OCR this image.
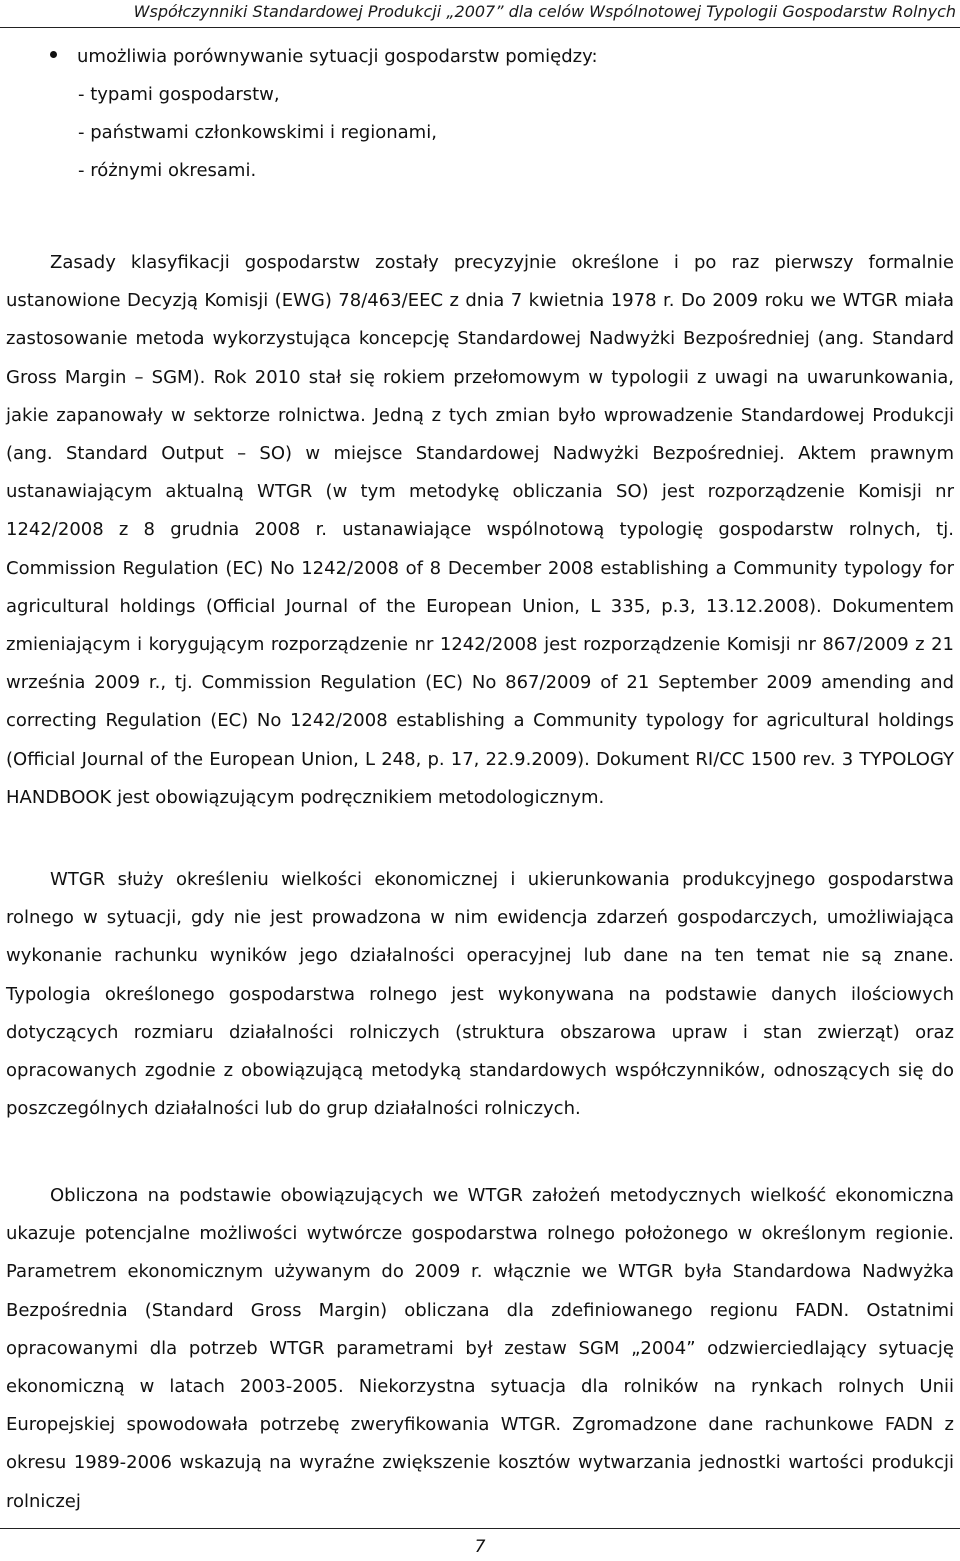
Współczynniki Standardowej Produkcji „2007” dla celów Wspólnotowej Typologii Gospodarstw Rolnych
umożliwia porównywanie sytuacji gospodarstw pomiędzy:
- typami gospodarstw,
- państwami członkowskimi i regionami,
- różnymi okresami.

Zasady klasyfikacji gospodarstw zostały precyzyjnie określone i po raz pierwszy formalnie ustanowione Decyzją Komisji (EWG) 78/463/EEC z dnia 7 kwietnia 1978 r. Do 2009 roku we WTGR miała zastosowanie metoda wykorzystująca koncepcję Standardowej Nadwyżki Bezpośredniej (ang. Standard Gross Margin – SGM). Rok 2010 stał się rokiem przełomowym w typologii z uwagi na uwarunkowania, jakie zapanowały w sektorze rolnictwa. Jedną z tych zmian było wprowadzenie Standardowej Produkcji (ang. Standard Output – SO) w miejsce Standardowej Nadwyżki Bezpośredniej. Aktem prawnym ustanawiającym aktualną WTGR (w tym metodykę obliczania SO) jest rozporządzenie Komisji nr 1242/2008 z 8 grudnia 2008 r. ustanawiające wspólnotową typologię gospodarstw rolnych, tj. Commission Regulation (EC) No 1242/2008 of 8 December 2008 establishing a Community typology for agricultural holdings (Official Journal of the European Union, L 335, p.3, 13.12.2008). Dokumentem zmieniającym i korygującym rozporządzenie nr 1242/2008 jest rozporządzenie Komisji nr 867/2009 z 21 września 2009 r., tj. Commission Regulation (EC) No 867/2009 of 21 September 2009 amending and correcting Regulation (EC) No 1242/2008 establishing a Community typology for agricultural holdings (Official Journal of the European Union, L 248, p. 17, 22.9.2009). Dokument RI/CC 1500 rev. 3 TYPOLOGY HANDBOOK jest obowiązującym podręcznikiem metodologicznym.

WTGR służy określeniu wielkości ekonomicznej i ukierunkowania produkcyjnego gospodarstwa rolnego w sytuacji, gdy nie jest prowadzona w nim ewidencja zdarzeń gospodarczych, umożliwiająca wykonanie rachunku wyników jego działalności operacyjnej lub dane na ten temat nie są znane. Typologia określonego gospodarstwa rolnego jest wykonywana na podstawie danych ilościowych dotyczących rozmiaru działalności rolniczych (struktura obszarowa upraw i stan zwierząt) oraz opracowanych zgodnie z obowiązującą metodyką standardowych współczynników, odnoszących się do poszczególnych działalności lub do grup działalności rolniczych.

Obliczona na podstawie obowiązujących we WTGR założeń metodycznych wielkość ekonomiczna ukazuje potencjalne możliwości wytwórcze gospodarstwa rolnego położonego w określonym regionie. Parametrem ekonomicznym używanym do 2009 r. włącznie we WTGR była Standardowa Nadwyżka Bezpośrednia (Standard Gross Margin) obliczana dla zdefiniowanego regionu FADN. Ostatnimi opracowanymi dla potrzeb WTGR parametrami był zestaw SGM „2004” odzwierciedlający sytuację ekonomiczną w latach 2003-2005. Niekorzystna sytuacja dla rolników na rynkach rolnych Unii Europejskiej spowodowała potrzebę zweryfikowania WTGR. Zgromadzone dane rachunkowe FADN z okresu 1989-2006 wskazują na wyraźne zwiększenie kosztów wytwarzania jednostki wartości produkcji rolniczej

7
